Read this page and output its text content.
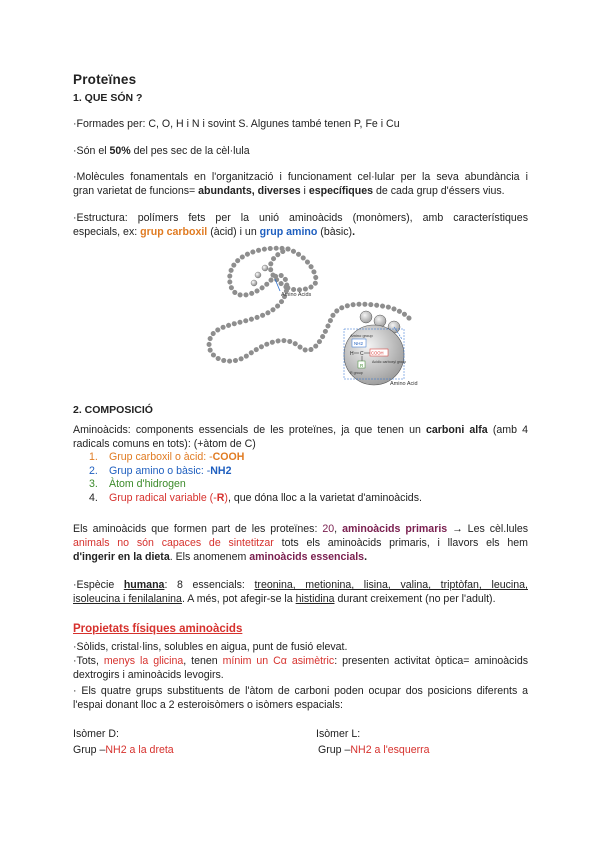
Proteïnes
1. QUE SÓN ?
·Formades per: C, O, H i N i sovint S. Algunes també tenen P, Fe i Cu
·Són el 50% del pes sec de la cèl·lula
·Molècules fonamentals en l'organització i funcionament cel·lular per la seva abundància i
gran varietat de funcions= abundants, diverses i específiques de cada grup d'éssers vius.
·Estructura: polímers fets per la unió aminoàcids (monòmers), amb característiques
especials, ex: grup carboxil (àcid) i un grup amino (bàsic).
Amino group
NH2
H C COOH
R
Acidic carboxyl group
R group
Amino Acids
Amino Acid
2. COMPOSICIÓ
Aminoàcids: components essencials de les proteïnes, ja que tenen un carboni alfa (amb 4
radicals comuns en tots): (+àtom de C)
1. Grup carboxil o àcid: -COOH
2. Grup amino o bàsic: -NH2
3. Àtom d'hidrogen
4. Grup radical variable (-R), que dóna lloc a la varietat d'aminoàcids.
Els aminoàcids que formen part de les proteïnes: 20, aminoàcids primaris → Les cèl.lules
animals no són capaces de sintetitzar tots els aminoàcids primaris, i llavors els hem
d'ingerir en la dieta. Els anomenem aminoàcids essencials.
·Espècie humana: 8 essencials: treonina, metionina, lisina, valina, triptòfan, leucina,
isoleucina i fenilalanina. A més, pot afegir-se la histidina durant creixement (no per l'adult).
Propietats físiques aminoàcids
·Sòlids, cristal·lins, solubles en aigua, punt de fusió elevat.
·Tots, menys la glicina, tenen mínim un Cα asimètric: presenten activitat òptica= aminoàcids
dextrogirs i aminoàcids levogirs.
· Els quatre grups substituents de l'àtom de carboni poden ocupar dos posicions diferents a
l'espai donant lloc a 2 esteroisòmers o isòmers espacials:
Isòmer D:
Grup –NH2 a la dreta
Isòmer L:
Grup –NH2 a l'esquerra
